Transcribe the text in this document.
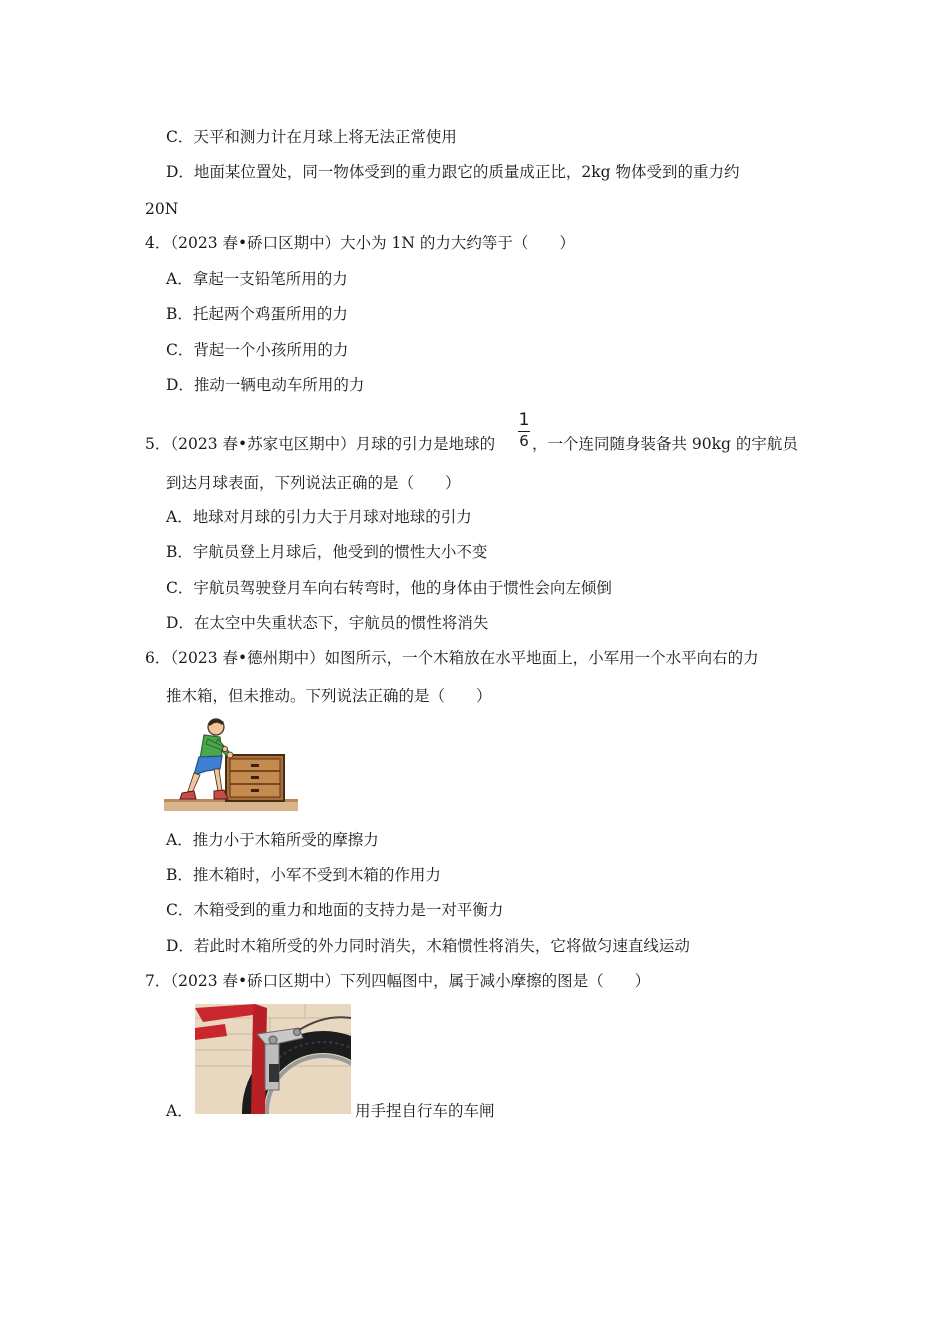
C．天平和测力计在月球上将无法正常使用
D．地面某位置处，同一物体受到的重力跟它的质量成正比，2kg 物体受到的重力约
20N
4．（2023 春•硚口区期中）大小为 1N 的力大约等于（　　）
A．拿起一支铅笔所用的力
B．托起两个鸡蛋所用的力
C．背起一个小孩所用的力
D．推动一辆电动车所用的力
5．（2023 春•苏家屯区期中）月球的引力是地球的
1
6 ，一个连同随身装备共 90kg 的宇航员
到达月球表面，下列说法正确的是（　　）
A．地球对月球的引力大于月球对地球的引力
B．宇航员登上月球后，他受到的惯性大小不变
C．宇航员驾驶登月车向右转弯时，他的身体由于惯性会向左倾倒
D．在太空中失重状态下，宇航员的惯性将消失
6．（2023 春•德州期中）如图所示，一个木箱放在水平地面上，小军用一个水平向右的力
推木箱，但未推动。下列说法正确的是（　　）
A．推力小于木箱所受的摩擦力
B．推木箱时，小军不受到木箱的作用力
C．木箱受到的重力和地面的支持力是一对平衡力
D．若此时木箱所受的外力同时消失，木箱惯性将消失，它将做匀速直线运动
7．（2023 春•硚口区期中）下列四幅图中，属于减小摩擦的图是（　　）
A．	用手捏自行车的车闸
